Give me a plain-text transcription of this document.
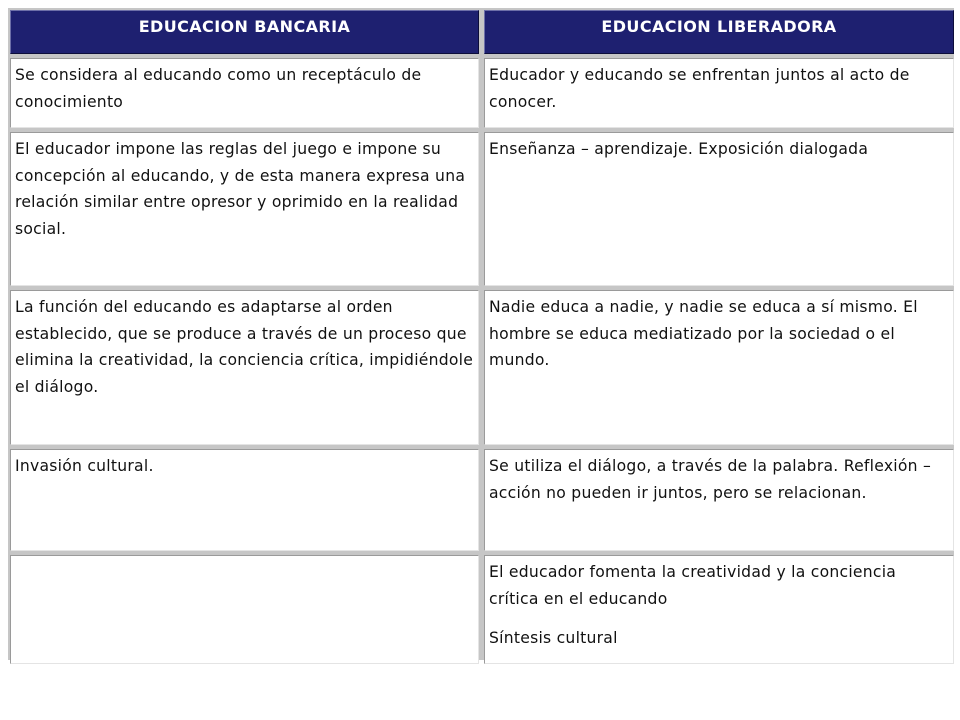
EDUCACION BANCARIA	EDUCACION LIBERADORA

Se considera al educando como un receptáculo de conocimiento

Educador y educando se enfrentan juntos al acto de conocer.

El educador impone las reglas del juego e impone su concepción al educando, y de esta manera expresa una relación similar entre opresor y oprimido en la realidad social.

Enseñanza – aprendizaje. Exposición dialogada

La función del educando es adaptarse al orden establecido, que se produce a través de un proceso que elimina la creatividad, la conciencia crítica, impidiéndole el diálogo.

Nadie educa a nadie, y nadie se educa a sí mismo. El hombre se educa mediatizado por la sociedad o el mundo.

Invasión cultural.	Se utiliza el diálogo, a través de la palabra. Reflexión – acción no pueden ir juntos, pero se relacionan.

El educador fomenta la creatividad y la conciencia crítica en el educando

Síntesis cultural
